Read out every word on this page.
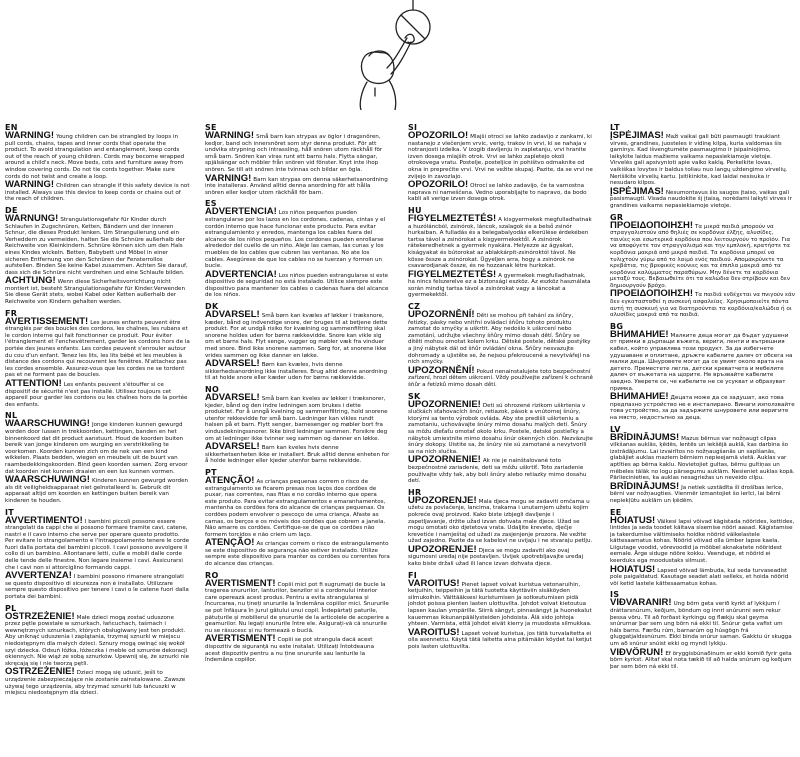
EN
WARNING! Young children can be strangled by loops in pull cords, chains, tapes and inner cords that operate the product. To avoid strangulation and entanglement, keep cords out of the reach of young children. Cords may become wrapped around a child's neck. Move beds, cots and furniture away from window covering cords. Do not tie cords together. Make sure cords do not twist and create a loop.
WARNING! Children can strangle if this safety device is not installed. Always use this device to keep cords or chains out of the reach of children.
DE
WARNUNG! Strangulationsgefahr für Kinder durch Schlaufen in Zugschnüren, Ketten, Bändern und der inneren Schnur, die dieses Produkt lenken. Um Strangulierung und ein Verheddern zu vermeiden, halten Sie die Schnüre außerhalb der Reichweite von Kleinkindern. Schnüre können sich um den Hals eines Kindes wickeln. Betten, Babybett und Möbel in einer sicheren Entfernung von den Schnüren der Fensterrollos aufstellen. Binden Sie keine Kabel zusammen. Achten Sie darauf, dass sich die Schnüre nicht verdrehen und eine Schlaufe bilden.
ACHTUNG! Wenn diese Sicherheitsvorrichtung nicht montiert ist, besteht Strangulationsgefahr für Kinder.Verwenden Sie diese Gerät stets, wobei Kabel oder Ketten außerhalb der Reichweite von Kindern gehalten werden.
FR
AVERTISSEMENT! Les jeunes enfants peuvent être étranglés par des boucles des cordons, les chaînes, les rubans et le cordon interne qui fait fonctionner ce produit. Pour éviter l'étranglement et l'enchevêtrement, garder les cordons hors de la portée des jeunes enfants. Les cordes peuvent s'enrouler autour du cou d'un enfant. Tenez les lits, les lits bébé et les meubles à distance des cordons qui recouvrent les fenêtres. N'attachez pas les cordes ensemble. Assurez-vous que les cordes ne se tordent pas et ne forment pas de boucles.
ATTENTION! Les enfants peuvent s'étouffer si ce dispositif de sécurité n'est pas installé. Utilisez toujours cet appareil pour garder les cordons ou les chaînes hors de la portée des enfants.
NL
WAARSCHUWING! Jonge kinderen kunnen gewurgd worden door lussen in trekkoorden, kettingen, banden en het binnenkoord dat dit product aanstuurt. Houd de koorden buiten bereik van jonge kinderen om wurging en verstrikkeling te voorkomen. Koorden kunnen zich om de nek van een kind wikkelen. Plaats bedden, wiegen en meubels uit de buurt van raambedekkingskoorden. Bind geen koorden samen. Zorg ervoor dat koorden niet kunnen draaien en een lus kunnen vormen.
WAARSCHUWING! Kinderen kunnen gewurgd worden als dit veiligheidsapparaat niet geïnstalleerd is. Gebruik dit apparaat altijd om koorden en kettingen buiten bereik van kinderen te houden.
IT
AVVERTIMENTO! I bambini piccoli possono essere strangolati da cappi che si possono formare tramite cavi, catene, nastri e il cavo interno che serve per operare questo prodotto. Per evitare lo strangolamento e l'intrappolamento tenere le corde fuori dalla portata dei bambini piccoli. I cavi possono avvolgere il collo di un bambino. Allontanare letti, culle e mobili dalle corde delle tende delle finestre. Non legare insieme i cavi. Assicurarsi che i cavi non si attorciglino formando cappi.
AVVERTENZA! I bambini possono rimanere strangolati se questo dispositivo di sicurezza non è installato. Utilizzare sempre questo dispositivo per tenere i cavi o le catene fuori dalla portata dei bambini.
PL
OSTRZEŻENIE! Małe dzieci mogą zostać uduszone przez pętle powstałe w sznurkach, łańcuchach, taśmach i wewnętrznych sznurkach, których obsługiwany jest ten produkt. Aby uniknąć uduszenia i zaplątania, trzymaj sznurki w miejscu niedostępnym dla małych dzieci. Sznury mogą owinąć się wokół szyi dziecka. Odsuń łóżka, łóżeczka i meble od sznurów dekoracji okiennych. Nie wiąż ze sobą sznurków. Upewnij się, że sznurki nie skręcają się i nie tworzą pętli.
OSTRZEŻENIE! Dzieci mogą się udusić, jeśli to urządzenie zabezpieczające nie zostanie zainstalowane. Zawsze używaj tego urządzenia, aby trzymać sznurki lub łańcuszki w miejscu niedostępnym dla dzieci.
SE
WARNING! Små barn kan strypas av öglor i dragsnören, kedjor, band och innersnöret som styr denna produkt. För att undvika strypning och intrassling, håll snören utom räckhåll för små barn. Snören kan viras runt ett barns hals. Flytta sängar, spjälsängar och möbler från snören vid fönster. Knyt inte ihop snören. Se till att snören inte tvinnas och bildar en ögla.
VARNING! Barn kan strypas om denna säkerhetsanordning inte installeras. Använd alltid denna anordning för att hålla snören eller kedjor utom räckhåll för barn.
ES
ADVERTENCIA! Los niños pequeños pueden estrangularse por los lazos en los cordones, cadenas, cintas y el cordón interno que hace funcionar este producto. Para evitar estrangulamiento y enredos, mantenga los cables fuera del alcance de los niños pequeños. Los cordones pueden enrollarse alrededor del cuello de un niño. Aleje las camas, las cunas y los muebles de los cables que cubren las ventanas. No ate los cables. Asegúrese de que los cables no se tuerzan y formen un bucle.
ADVERTENCIA! Los niños pueden estrangularse si este dispositivo de seguridad no está instalado. Utilice siempre este dispositivo para mantener los cables o cadenas fuera del alcance de los niños.
DK
ADVARSEL! Små børn kan kvæles af løkker i træksnore, kæder, bånd og indvendige snore, der bruges til at betjene dette produkt. For at undgå risiko for kvælning og sammenfiltring skal snorene holdes uden for børns rækkevidde. Snore kan vikle sig om et barns hals. Flyt senge, vugger og møbler væk fra vinduer med snore. Bind ikke snorene sammen. Sørg for, at snorene ikke vrides sammen og ikke danner en løkke.
ADVARSEL! Børn kan kvæles, hvis denne sikkerhedsanordning ikke installeres. Brug altid denne anordning til at holde snore eller kæder uden for børns rækkevidde.
NO
ADVARSEL! Små barn kan kveles av løkker i træksnorer, kjeder, bånd og den indre ledningen som brukes i dette produktet. For å unngå kvelning og sammenfiltring, hold snorene utenfor rekkevidde for små barn. Ledninger kan vikles rundt halsen på et barn. Flytt senger, barnesenger og møbler bort fra vindusdekningssnorer. Ikke bind ledninger sammen. Forsikre deg om at ledninger ikke tvinner seg sammen og danner en løkke.
ADVARSEL! Barn kan kveles hvis denne sikkerhetsenheten ikke er installert. Bruk alltid denne enheten for å holde ledninger eller kjeder utenfor barns rekkevidde.
PT
ATENÇÃO! As crianças pequenas correm o risco de estrangulamento se ficarem presas nos laços dos cordões de puxar, nas correntes, nas fitas e no cordão interno que opera este produto. Para evitar estrangulamentos e emaranhamentos, mantenha os cordões fora do alcance de crianças pequenas. Os cordões podem envolver o pescoço de uma criança. Afaste as camas, os berços e os móveis dos cordões que cobrem a janela. Não amarre os cordões. Certifique-se de que os cordões não formem torcidos e não criem um laço.
ATENÇÃO! As crianças correm o risco de estrangulamento se este dispositivo de segurança não estiver instalado. Utilize sempre este dispositivo para manter os cordões ou correntes fora do alcance das crianças.
RO
AVERTISMENT! Copiii mici pot fi sugrumați de bucle la tragerea snururilor, lanturilor, benzilor si a cordonului interior care operează acest produs. Pentru a evita strangularea și încurcarea, nu țineți snururile la îndemâna copiilor mici. Snururile se pot înfășura în jurul gâtului unui copil. Îndepărtați paturile, pătuțurile și mobilierul de șnururile de la articolele de acoperire a geamurilor. Nu legați snururile între ele. Asigurați-vă că snururile nu se răsucesc și nu formează o buclă.
AVERTISMENT! Copiii se pot strangula dacă acest dispozitiv de siguranță nu este instalat. Utilizați întotdeauna acest dispozitiv pentru a nu ține snururile sau lanturile la îndemâna copiilor.
SI
OPOZORILO! Mlajši otroci se lahko zadavijo z zankami, ki nastanejo z vlečenjem vrvic, verig, trakov in vrvi, ki se nahaja v notranjosti izdelka. V izogib davljenju in zapletanju, vrvi hranite izven dosega mlajših otrok. Vrvi se lahko zapletejo okoli otrokovega vratu. Postelje, posteljice in pohištvo odmaknite od okna in preprečite vrvi. Vrvi ne vežite skupaj. Pazite, da se vrvi ne zvijejo in zavozlajo.
OPOZORILO! Otroci se lahko zadavijo, če ta varnostna naprava ni nameščena. Vedno uporabljajte to napravo, da bodo kabli ali verige izven dosega otrok.
HU
FIGYELMEZTETÉS! A kisgyermekek megfulladhatnak a huzóláncból, zsinórok, láncok, szalagok és a belső zsinór hurkaiban. A fulladás és a belegabalyodás elkerülése érdekében tartsa távol a zsinórokat a kisgyermekektől. A zsinórok rátekeredhetnek a gyermek nyakára. Helyezze az ágyakat, kiságyakat és bútorokat az ablakkárpit-zsinóroktól távol. Ne kösse össze a zsinórokat. Ügyeljen arra, hogy a zsinórok ne csavarodjanak össze, és ne hozzanak létre hurkokat.
FIGYELMEZTETÉS! A gyermekek megfulladhatnak, ha nincs felszerelve ez a biztonsági eszköz. Az eszköz használata során mindig tartsa távol a zsinórokat vagy a láncokat a gyermekektől.
CZ
UPOZORNĚNÍ! Děti se mohou při tahání za šňůry, řetízky, pásky nebo vnitřní ovládací šňůru tohoto produktu zamotat do smyčky a uškrtit. Aby nedošlo k uškrcení nebo zamotání, udržujte všechny šňůry mimo dosah dětí. Šňůry se dítěti mohou omotat kolem krku. Dětské postele, dětské postýlky a jiný nábytek dál od šňůr ovládání okna. Šňůry nesvazujte dohromady a ujistěte se, že nejsou překroucené a nevytvářejí na nich smyčky.
UPOZORNĚNÍ! Pokud nenainstalujete toto bezpečnostní zařízení, hrozí dětem uškrcení. Vždy používejte zařízení k ochraně šňůr a řetízků mimo dosah dětí.
SK
UPOZORNENIE! Deti sú ohrozené rizikom uškrtenia v slučkách sťahovacích šnúr, retiazok, pások a vnútornej šnúry, ktorými sa tento výrobok ovláda. Aby ste predišli uškrteniu a zamotaniu, uchovávajte šnúry mimo dosahu malých detí. Šnúry sa môžu dieťaťu omotať okolo krku. Postele, detské postieľky a nábytok umiestnite mimo dosahu šnúr okenných clôn. Nezväzujte šnúry dokopy. Uistite sa, že šnúry nie sú zamotané a nevytvorili sa na nich slučka.
UPOZORNENIE! Ak nie je nainštalované toto bezpečnostné zariadenie, deti sa môžu uškrtiť. Toto zariadenie používajte vždy tak, aby boli šnúry alebo retiazky mimo dosahu detí.
HR
UPOZORENJE! Mala djeca mogu se zadaviti omčama u užetu za povlačenje, lancima, trakama i unutarnjem užetu kojim pokreće ovaj proizvod. Kako biste izbjegli davljenje i zapetljavanje, držite užad izvan dohvata male djece. Užad se mogu omotati oko djetetova vrata. Udaljite krevete, dječje krevetiće i namještaj od užadi za zasjenjenje prozora. Ne vežite užad zajedno. Pazite da se kabelovi ne uvijaju i ne stvaraju petlju.
UPOZORENJE! Djeca se mogu zadaviti ako ovaj sigurnosni uređaj nije postavljen. Uvijek upotrebljavajte uređaj kako biste držali užad ili lance izvan dohvata djece.
FI
VAROITUS! Pienet lapset voivat kuristua vetonaruihin, ketjuihin, teippeihin ja tätä tuotetta käyttäviin sisäköyden silmukoihin. Välttääksesi kuristumisen ja sotkeutumisen pidä johdot poissa pienten lasten ulottuvilta. Johdot voivat kietoutua lapsen kaulan ympärille. Siirrä sängyt, pinnasängyt ja huonekalut kauemmas ikkunanpäällysteiden johdoista. Älä sido johtoja yhteen. Varmista, että johdot eivät kierry ja muodosta silmukkaa.
VAROITUS! Lapset voivat kuristua, jos tätä turvalaitetta ei olla asennettu. Käytä tätä laitetta aina pitämään köydet tai ketjut pois lasten ulottuvilta.
LT
ĮSPĖJIMAS! Maži vaikai gali būti pasmaugti traukiant virves, grandines, juosteles ir vidinę kilpą, kuria valdomas šis gaminys. Kad išvengtumėte pasmaugimo ir įsipainiojimo, laikykite laidus mažiems vaikams nepasiekiamoje vietoje. Virvelės gali apsivynioti apie vaiko kaklą. Perkelkite lovas, vaikiškas lovytes ir baldus toliau nuo langų uždengimo virvelių. Nerišikite virvelių kartu. Įsitikinkite, kad laidai nesisuka ir nesudaro kilpos.
ĮSPĖJIMAS! Nesumontavus šio saugos įtaiso, vaikas gali pasismaugti. Visada naudokite šį įtaisą, norėdami laikyti virves ir grandines vaikams nepasiekiamoje vietoje.
GR
ΠΡΟΕΙΔΟΠΟΙΗΣΗ! Τα μικρά παιδιά μπορούν να στραγγαλιστούν από θηλιές σε κορδόνια έλξης, αλυσίδες, ταινίες και εσωτερικά κορδόνια που λειτουργούν το προϊόν. Για να αποφύγετε τον στραγγαλισμό και την εμπλοκή, κρατήστε τα κορδόνια μακριά από μικρά παιδιά. Τα κορδόνια μπορεί να τυλιχτούν γύρω από το λαιμό ενός παιδιού. Απομακρύνετε τα κρεβάτια, τις βρεφικές κούνιες και τα έπιπλα μακριά από τα κορδόνια καλύμματος παραθύρων. Μην δένετε τα κορδόνια μεταξύ τους. Βεβαιωθείτε ότι τα καλώδια δεν στρίβουν και δεν δημιουργούν βρόχο.
ΠΡΟΕΙΔΟΠΟΙΗΣΗ! Τα παιδιά ενδέχεται να πνιγούν εάν δεν εγκατασταθεί η συσκευή ασφαλείας. Χρησιμοποιείτε πάντα αυτή τη συσκευή για να διατηρούνται τα κορδόνια/καλώδια ή οι αλυσίδες μακριά από τα παιδιά.
BG
ВНИМАНИЕ! Малките деца могат да бъдат удушени от примки в дърпащи въжета, вериги, ленти и вътрешния кабел, който управлява този продукт. За да избегнете удушаване и оплитане, дръжте кабелите далеч от обсега на малки деца. Шнуровете могат да се увият около врата на детето. Преместете легла, детски креватчета и мебелите далеч от въжетата на щорите. Не връзвайте кабелите заедно. Уверете се, че кабелите не се усукват и образуват примка.
ВНИМАНИЕ! Децата може да се задушат, ако това предпазно устройство не е инсталирано. Винаги използвайте това устройство, за да задържите шнуровете или веригите на място, недостъпно за деца.
LV
BRĪDINĀJUMS! Mazus bērnus var nožņaugt cilpas vilkšanas auklās, ķēdēs, lentēs un iekšējā auklā, kas darbina šo izstrādājumu. Lai izvairītos no nožņaugšanās un sapīšanās, glabājiet auklas maziem bērniem nepieejamā vietā. Auklas var aptīties ap bērna kaklu. Novietojiet gultas, bērnu gultiņas un mēbeles tālāk no logu pārsegumu auklām. Nesieniet auklas kopā. Pārliecinieties, ka auklas nesagriežas un neveido cilpu.
BRĪDINĀJUMS! Ja netiek uzstādīta šī drošības ierīce, bērni var nožņaugties. Vienmēr izmantojiet šo ierīci, lai bērni nepiekļūtu auklām un ķēdēm.
EE
HOIATUS! Väikesi lapsi võivad kägistada nöörides, kettides, lintides ja seda toodet käitava sisemise nööri aasad. Kägistamise ja takerdumise vältimiseks hoidke nöörid väikelastele kättesaamatus kohas. Nöörid võivad olla ümber lapse kaela. Liigutage voodid, võrevoodid ja mööbel aknakatete nööridest eemale. Ärge siduge nööre kokku. Veenduge, et nöörid ei keerduks ega moodustaks silmust.
HOIATUS! Lapsed võivad lämbuda, kui seda turvaseadist pole paigaldatud. Kasutage seadet alati selleks, et hoida nöörid või ketid lastele kättesaamatus kohas.
IS
VIÐVARANIR! Ung börn geta verið kyrkt af lykkjum í dráttarsnúrum, keðjum, böndum og innri snúrunni sem rekur þessa vöru. Til að forðast kyrkingu og flækju skal geyma snúrurnar þar sem ung börn ná ekki til. Snúrur geta vafist um háls barns. Færðu rúm, barnarúm og húsgögn frá gluggatjaldssnúrum. Ekki binda snúrur saman. Gakktu úr skugga um að snúrur snúist ekki og myndi lykkju.
VIÐVÖRUN! Ef öryggisbúnaðinum er ekki komið fyrir geta börn kyrkst. Alltaf skal nota tækið til að halda snúrum og keðjum þar sem börn ná ekki til.
